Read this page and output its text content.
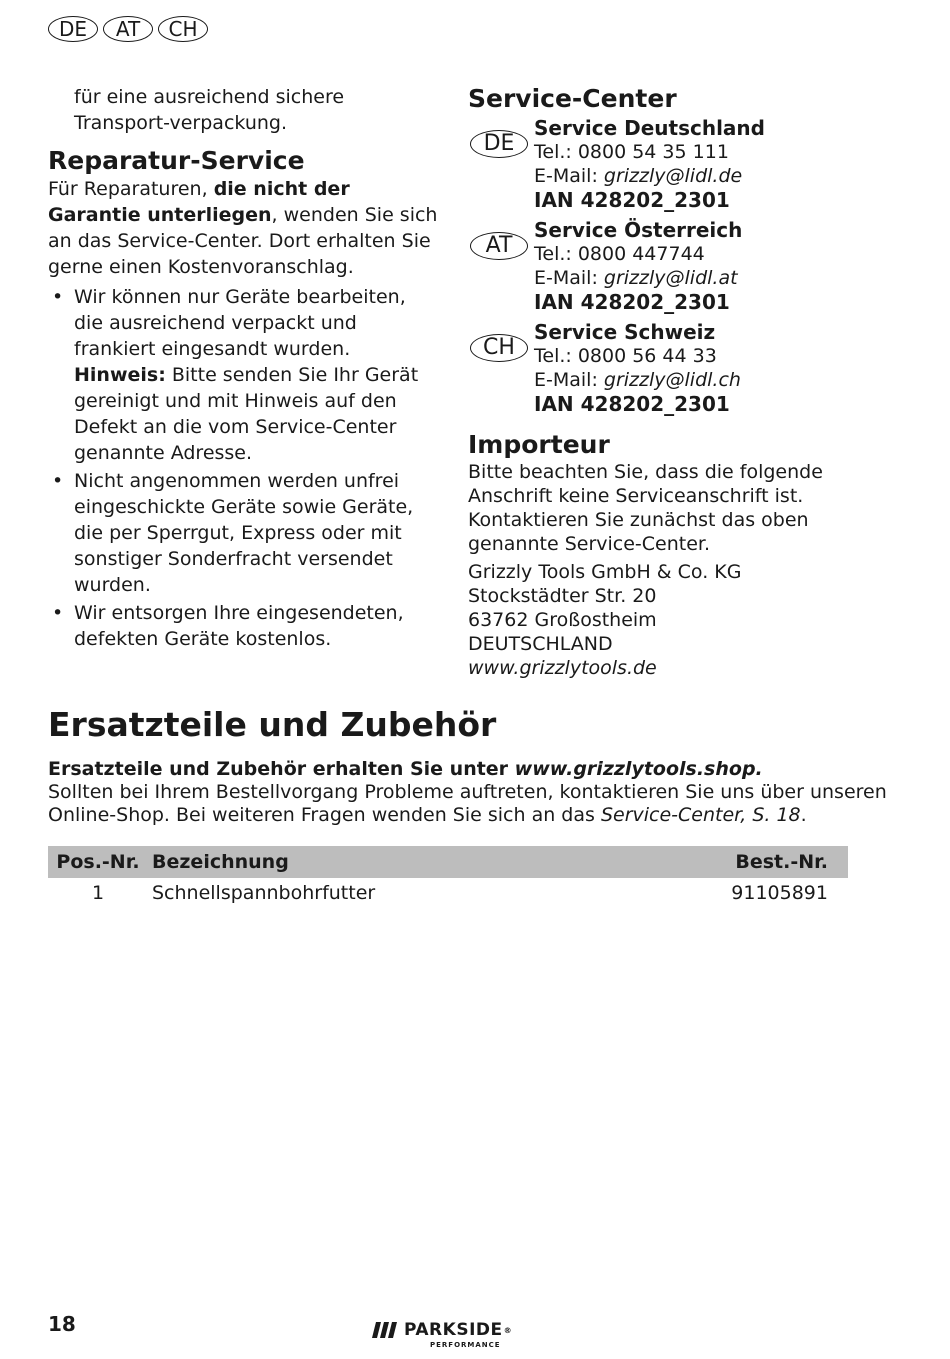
DE	AT	CH
für eine ausreichend sichere Transport-verpackung.
Reparatur-Service
Für Reparaturen, die nicht der Garantie unterliegen, wenden Sie sich an das Service-Center. Dort erhalten Sie gerne einen Kostenvoranschlag.
• Wir können nur Geräte bearbeiten, die ausreichend verpackt und frankiert eingesandt wurden.
Hinweis: Bitte senden Sie Ihr Gerät gereinigt und mit Hinweis auf den Defekt an die vom Service-Center genannte Adresse.
• Nicht angenommen werden unfrei eingeschickte Geräte sowie Geräte, die per Sperrgut, Express oder mit sonstiger Sonderfracht versendet wurden.
• Wir entsorgen Ihre eingesendeten, defekten Geräte kostenlos.
Service-Center
DE
Service Deutschland
Tel.: 0800 54 35 111
E-Mail: grizzly@lidl.de
IAN 428202_2301
AT
Service Österreich
Tel.: 0800 447744
E-Mail: grizzly@lidl.at
IAN 428202_2301
CH
Service Schweiz
Tel.: 0800 56 44 33
E-Mail: grizzly@lidl.ch
IAN 428202_2301
Importeur
Bitte beachten Sie, dass die folgende Anschrift keine Serviceanschrift ist. Kontaktieren Sie zunächst das oben genannte Service-Center.
Grizzly Tools GmbH & Co. KG
Stockstädter Str. 20
63762 Großostheim
DEUTSCHLAND
www.grizzlytools.de
Ersatzteile und Zubehör
Ersatzteile und Zubehör erhalten Sie unter www.grizzlytools.shop.
Sollten bei Ihrem Bestellvorgang Probleme auftreten, kontaktieren Sie uns über unseren Online-Shop. Bei weiteren Fragen wenden Sie sich an das Service-Center, S. 18.
Pos.-Nr.	Bezeichnung	Best.-Nr.
1	Schnellspannbohrfutter	91105891
18	PARKSIDE ®
PERFORMANCE
